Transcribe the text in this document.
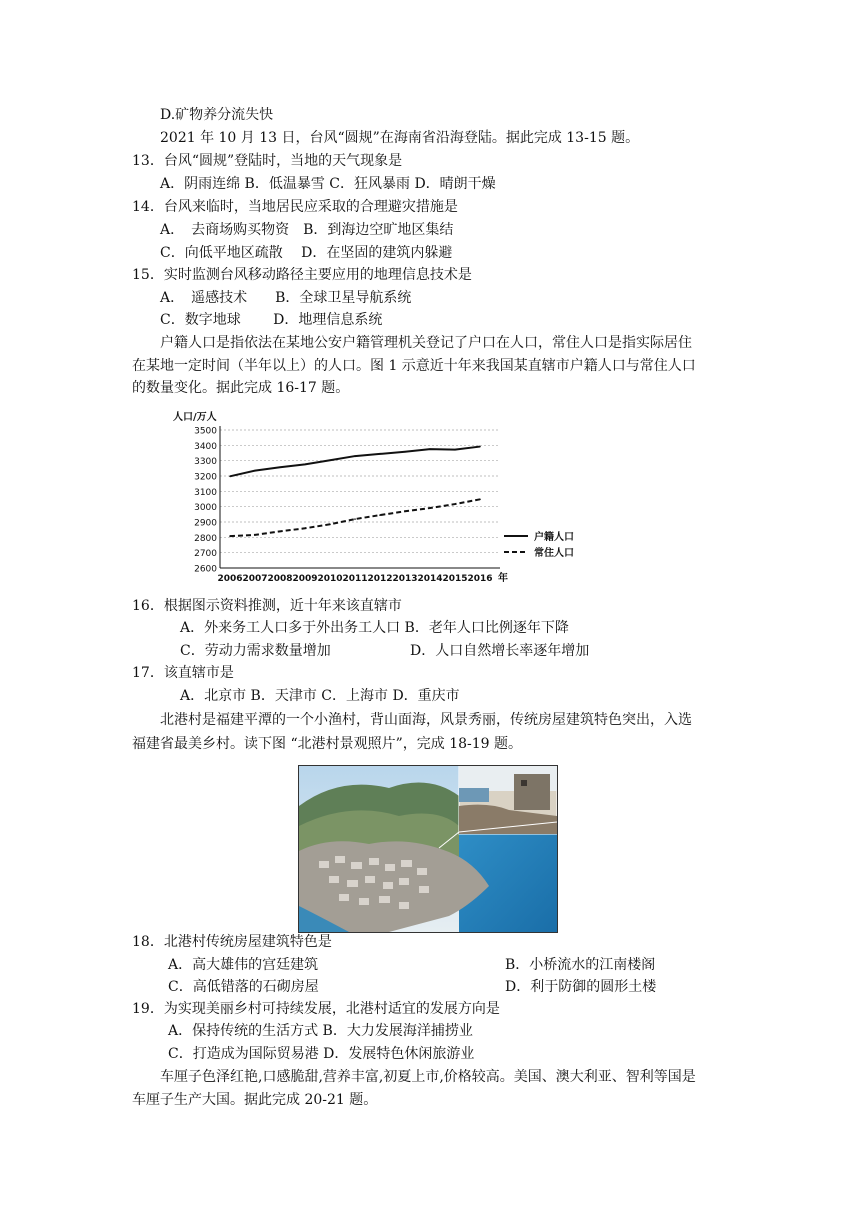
D.矿物养分流失快
2021 年 10 月 13 日，台风“圆规”在海南省沿海登陆。据此完成 13-15 题。
13．台风“圆规”登陆时，当地的天气现象是
A．阴雨连绵 B．低温暴雪 C．狂风暴雨 D．晴朗干燥
14．台风来临时，当地居民应采取的合理避灾措施是
A．　去商场购买物资　B．到海边空旷地区集结
C．向低平地区疏散　 D．在坚固的建筑内躲避
15．实时监测台风移动路径主要应用的地理信息技术是
A．　遥感技术　　B．全球卫星导航系统
C．数字地球　　 D．地理信息系统
户籍人口是指依法在某地公安户籍管理机关登记了户口在人口，常住人口是指实际居住
在某地一定时间（半年以上）的人口。图 1 示意近十年来我国某直辖市户籍人口与常住人口
的数量变化。据此完成 16-17 题。
人口/万人
3500
3400
3300
3200
3100
3000
2900
2800
2700
2600
2006 2007 2008 2009 2010 2011 2012 2013 2014 2015 2016 年
户籍人口
常住人口
16．根据图示资料推测，近十年来该直辖市
A．外来务工人口多于外出务工人口 B．老年人口比例逐年下降
C．劳动力需求数量增加	D．人口自然增长率逐年增加
17．该直辖市是
A．北京市 B．天津市 C．上海市 D．重庆市
北港村是福建平潭的一个小渔村，背山面海，风景秀丽，传统房屋建筑特色突出，入选
福建省最美乡村。读下图 “北港村景观照片”，完成 18-19 题。
18．北港村传统房屋建筑特色是
A．高大雄伟的宫廷建筑	B．小桥流水的江南楼阁
C．高低错落的石砌房屋	D．利于防御的圆形土楼
19．为实现美丽乡村可持续发展，北港村适宜的发展方向是
A．保持传统的生活方式 B．大力发展海洋捕捞业
C．打造成为国际贸易港 D．发展特色休闲旅游业
车厘子色泽红艳,口感脆甜,营养丰富,初夏上市,价格较高。美国、澳大利亚、智利等国是
车厘子生产大国。据此完成 20-21 题。
